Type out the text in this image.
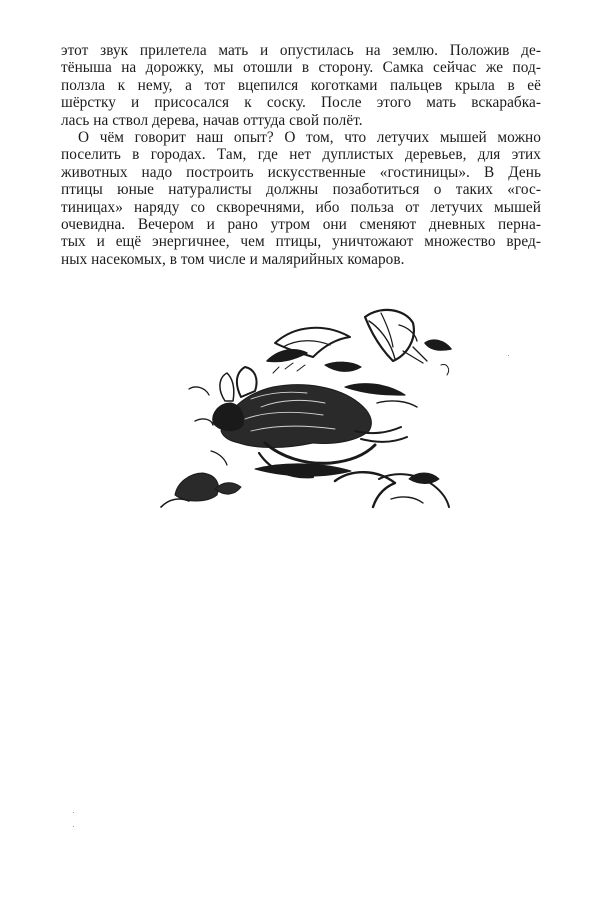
этот звук прилетела мать и опустилась на землю. Положив де-
тёныша на дорожку, мы отошли в сторону. Самка сейчас же под-
ползла к нему, а тот вцепился коготками пальцев крыла в её
шёрстку и присосался к соску. После этого мать вскарабка-
лась на ствол дерева, начав оттуда свой полёт.
О чём говорит наш опыт? О том, что летучих мышей можно
поселить в городах. Там, где нет дуплистых деревьев, для этих
животных надо построить искусственные «гостиницы». В День
птицы юные натуралисты должны позаботиться о таких «гос-
тиницах» наряду со скворечнями, ибо польза от летучих мышей
очевидна. Вечером и рано утром они сменяют дневных перна-
тых и ещё энергичнее, чем птицы, уничтожают множество вред-
ных насекомых, в том числе и малярийных комаров.
